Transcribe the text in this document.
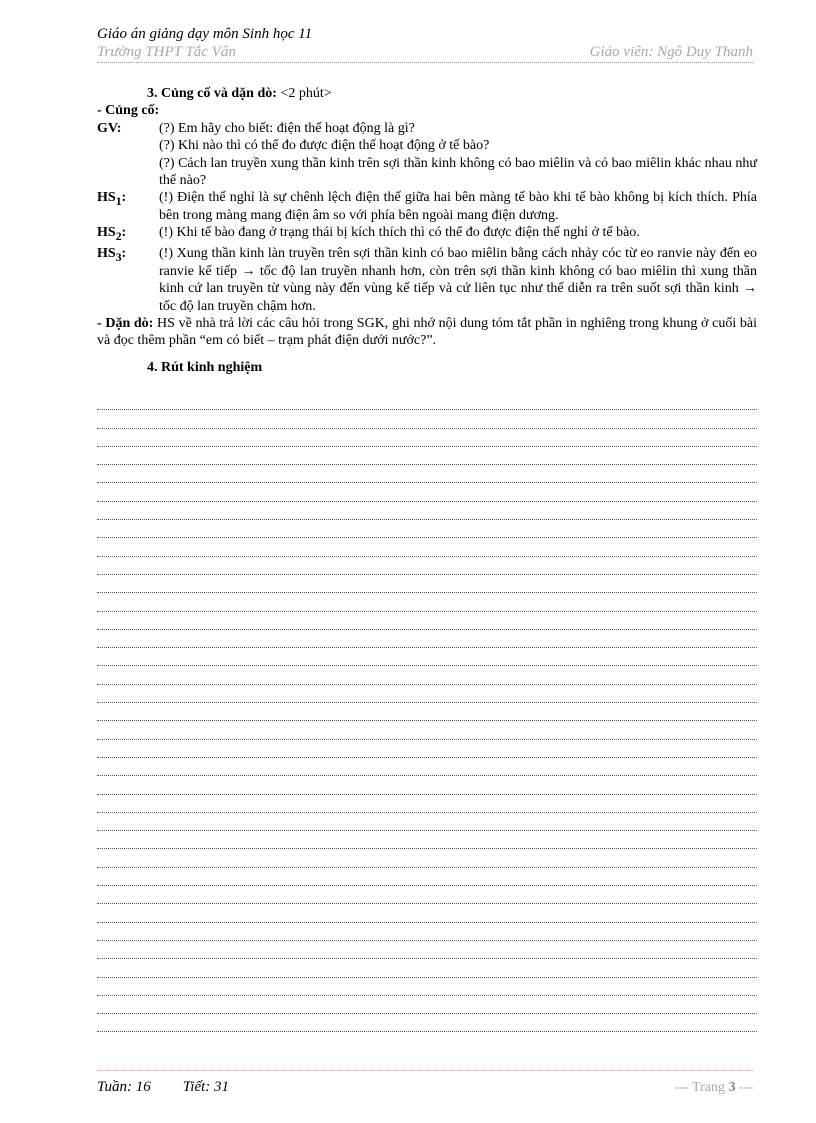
Giáo án giảng dạy môn Sinh học 11
Trường THPT Tắc Vân	Giáo viên: Ngô Duy Thanh
3. Củng cố và dặn dò: <2 phút>
- Củng cố:
GV:	(?) Em hãy cho biết: điện thế hoạt động là gì?
(?) Khi nào thì có thể đo được điện thế hoạt động ở tế bào?
(?) Cách lan truyền xung thần kinh trên sợi thần kinh không có bao miêlin và có bao miêlin khác nhau như thế nào?
$HS_1$:	(!) Điện thế nghỉ là sự chênh lệch điện thế giữa hai bên màng tế bào khi tế bào không bị kích thích. Phía bên trong màng mang điện âm so với phía bên ngoài mang điện dương.
$HS_2$:	(!) Khi tế bào đang ở trạng thái bị kích thích thì có thể đo được điện thế nghỉ ở tế bào.
$HS_3$:	(!) Xung thần kinh làn truyền trên sợi thần kinh có bao miêlin bằng cách nhảy cóc từ eo ranvie này đến eo ranvie kế tiếp → tốc độ lan truyền nhanh hơn, còn trên sợi thần kinh không có bao miêlin thì xung thần kinh cứ lan truyền từ vùng này đến vùng kế tiếp và cứ liên tục như thế diễn ra trên suốt sợi thần kinh → tốc độ lan truyền chậm hơn.
- Dặn dò: HS về nhà trả lời các câu hỏi trong SGK, ghi nhớ nội dung tóm tắt phần in nghiêng trong khung ở cuối bài và đọc thêm phần “em có biết – trạm phát điện dưới nước?”.
4. Rút kinh nghiệm
Tuần: 16 Tiết: 31	--- Trang 3 ---
